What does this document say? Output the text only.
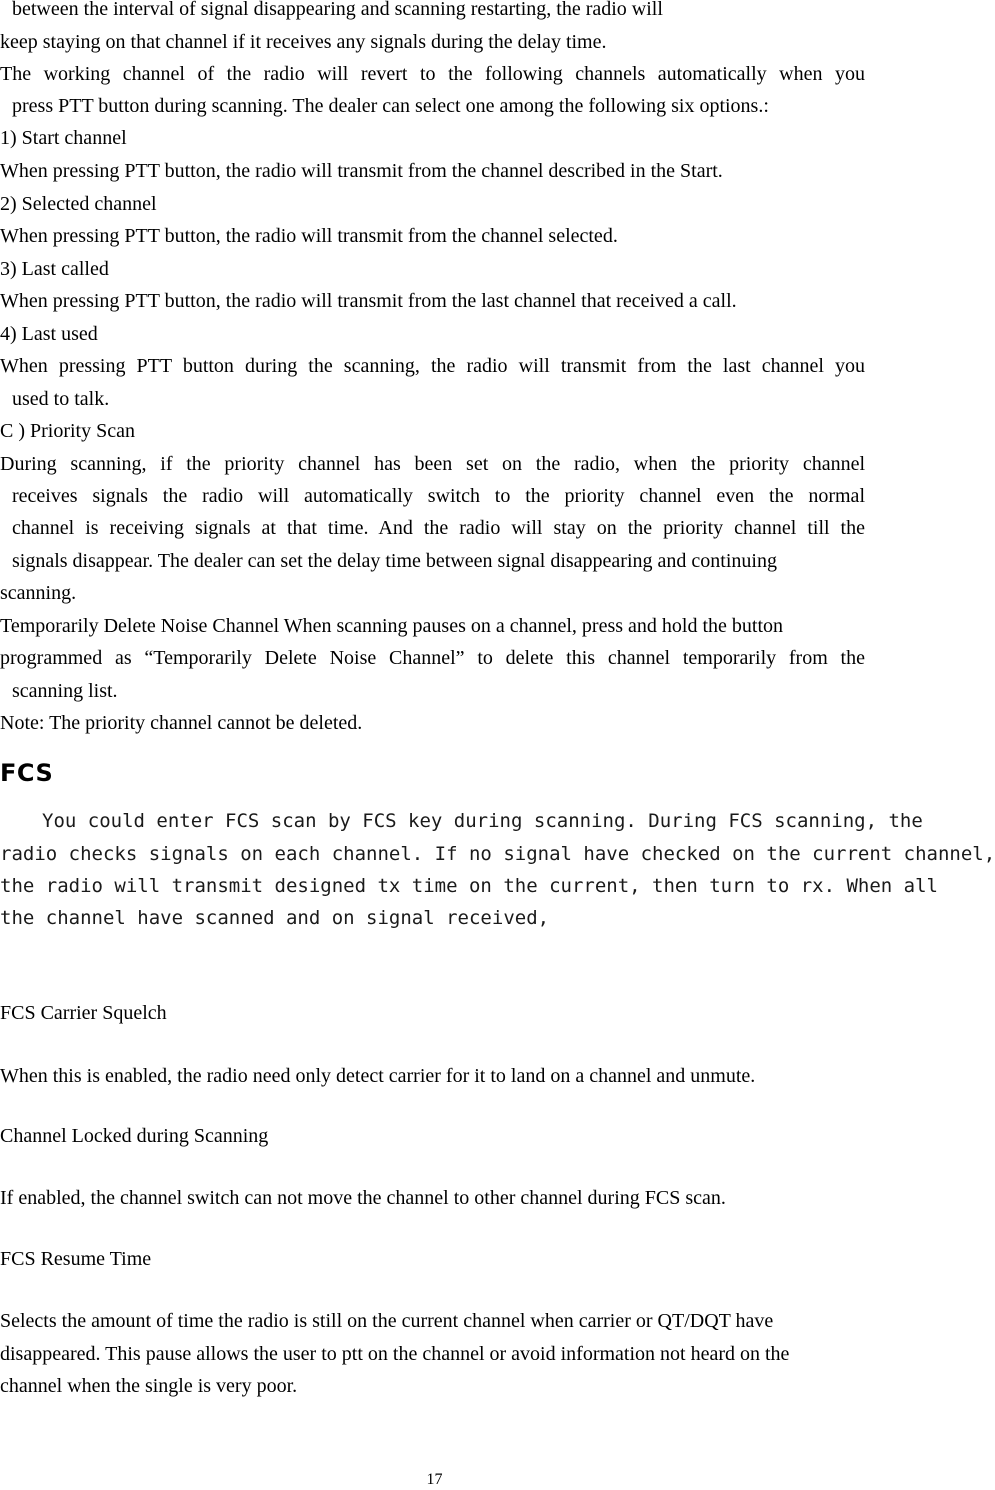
between the interval of signal disappearing and scanning restarting, the radio will

keep staying on that channel if it receives any signals during the delay time.

The working channel of the radio will revert to the following channels automatically when you

press PTT button during scanning. The dealer can select one among the following six options.:

1) Start channel

When pressing PTT button, the radio will transmit from the channel described in the Start.

2) Selected channel

When pressing PTT button, the radio will transmit from the channel selected.

3) Last called

When pressing PTT button, the radio will transmit from the last channel that received a call.

4) Last used

When pressing PTT button during the scanning, the radio will transmit from the last channel you

used to talk.

C ) Priority Scan

During scanning, if the priority channel has been set on the radio, when the priority channel

receives signals the radio will automatically switch to the priority channel even the normal

channel is receiving signals at that time. And the radio will stay on the priority channel till the

signals disappear. The dealer can set the delay time between signal disappearing and continuing

scanning.

Temporarily Delete Noise Channel When scanning pauses on a channel, press and hold the button

programmed as “Temporarily Delete Noise Channel” to delete this channel temporarily from the

scanning list.

Note: The priority channel cannot be deleted.

FCS

You could enter FCS scan by FCS key during scanning. During FCS scanning, the

radio checks signals on each channel. If no signal have checked on the current channel,

the radio will transmit designed tx time on the current, then turn to rx. When all

the channel have scanned and on signal received,

FCS Carrier Squelch

When this is enabled, the radio need only detect carrier for it to land on a channel and unmute.

Channel Locked during Scanning

If enabled, the channel switch can not move the channel to other channel during FCS scan.

FCS Resume Time

Selects the amount of time the radio is still on the current channel when carrier or QT/DQT have

disappeared. This pause allows the user to ptt on the channel or avoid information not heard on the

channel when the single is very poor.

17
